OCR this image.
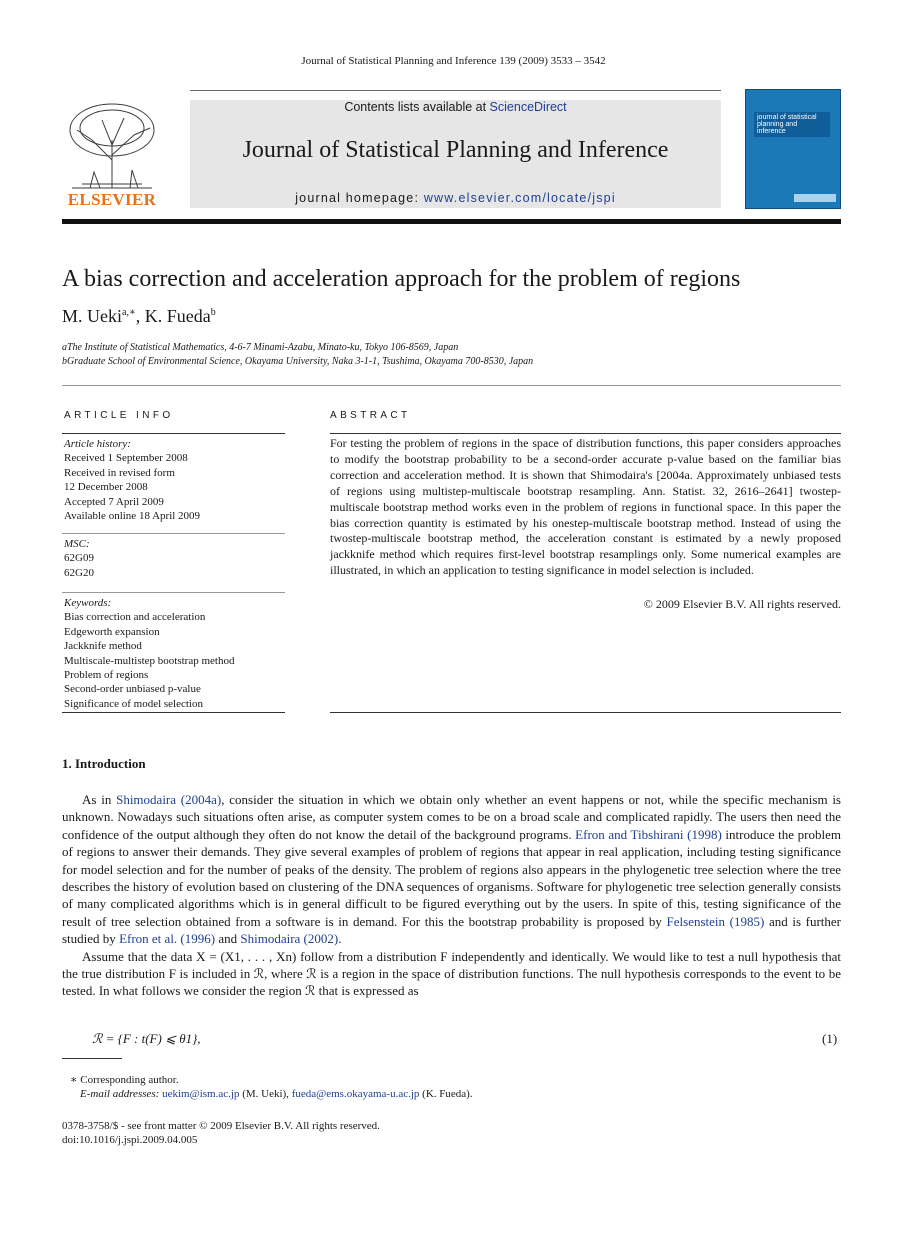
Journal of Statistical Planning and Inference 139 (2009) 3533 – 3542
ELSEVIER
Contents lists available at ScienceDirect
Journal of Statistical Planning and Inference
journal homepage: www.elsevier.com/locate/jspi
journal of statistical planning and inference
A bias correction and acceleration approach for the problem of regions
M. Ueki$^{a,∗}$, K. Fueda$^b$
aThe Institute of Statistical Mathematics, 4-6-7 Minami-Azabu, Minato-ku, Tokyo 106-8569, Japan
bGraduate School of Environmental Science, Okayama University, Naka 3-1-1, Tsushima, Okayama 700-8530, Japan
ARTICLE INFO	ABSTRACT
Article history:
Received 1 September 2008
Received in revised form
12 December 2008
Accepted 7 April 2009
Available online 18 April 2009
MSC:
62G09
62G20
Keywords:
Bias correction and acceleration
Edgeworth expansion
Jackknife method
Multiscale-multistep bootstrap method
Problem of regions
Second-order unbiased p-value
Significance of model selection
For testing the problem of regions in the space of distribution functions, this paper considers approaches to modify the bootstrap probability to be a second-order accurate p-value based on the familiar bias correction and acceleration method. It is shown that Shimodaira's [2004a. Approximately unbiased tests of regions using multistep-multiscale bootstrap resampling. Ann. Statist. 32, 2616–2641] twostep-multiscale bootstrap method works even in the problem of regions in functional space. In this paper the bias correction quantity is estimated by his onestep-multiscale bootstrap method. Instead of using the twostep-multiscale bootstrap method, the acceleration constant is estimated by a newly proposed jackknife method which requires first-level bootstrap resamplings only. Some numerical examples are illustrated, in which an application to testing significance in model selection is included.
© 2009 Elsevier B.V. All rights reserved.
1. Introduction

As in Shimodaira (2004a), consider the situation in which we obtain only whether an event happens or not, while the specific mechanism is unknown. Nowadays such situations often arise, as computer system comes to be on a broad scale and complicated rapidly. The users then need the confidence of the output although they often do not know the detail of the background programs. Efron and Tibshirani (1998) introduce the problem of regions to answer their demands. They give several examples of problem of regions that appear in real application, including testing significance for model selection and for the number of peaks of the density. The problem of regions also appears in the phylogenetic tree selection where the tree describes the history of evolution based on clustering of the DNA sequences of organisms. Software for phylogenetic tree selection generally consists of many complicated algorithms which is in general difficult to be figured everything out by the users. In spite of this, testing significance of the result of tree selection obtained from a software is in demand. For this the bootstrap probability is proposed by Felsenstein (1985) and is further studied by Efron et al. (1996) and Shimodaira (2002).

Assume that the data X = (X1, . . . , Xn) follow from a distribution F independently and identically. We would like to test a null hypothesis that the true distribution F is included in ℛ, where ℛ is a region in the space of distribution functions. The null hypothesis corresponds to the event to be tested. In what follows we consider the region ℛ that is expressed as

ℛ = {F : t(F) ⩽ θ1},	(1)
∗ Corresponding author.
E-mail addresses: uekim@ism.ac.jp (M. Ueki), fueda@ems.okayama-u.ac.jp (K. Fueda).
0378-3758/$ - see front matter © 2009 Elsevier B.V. All rights reserved.
doi:10.1016/j.jspi.2009.04.005
